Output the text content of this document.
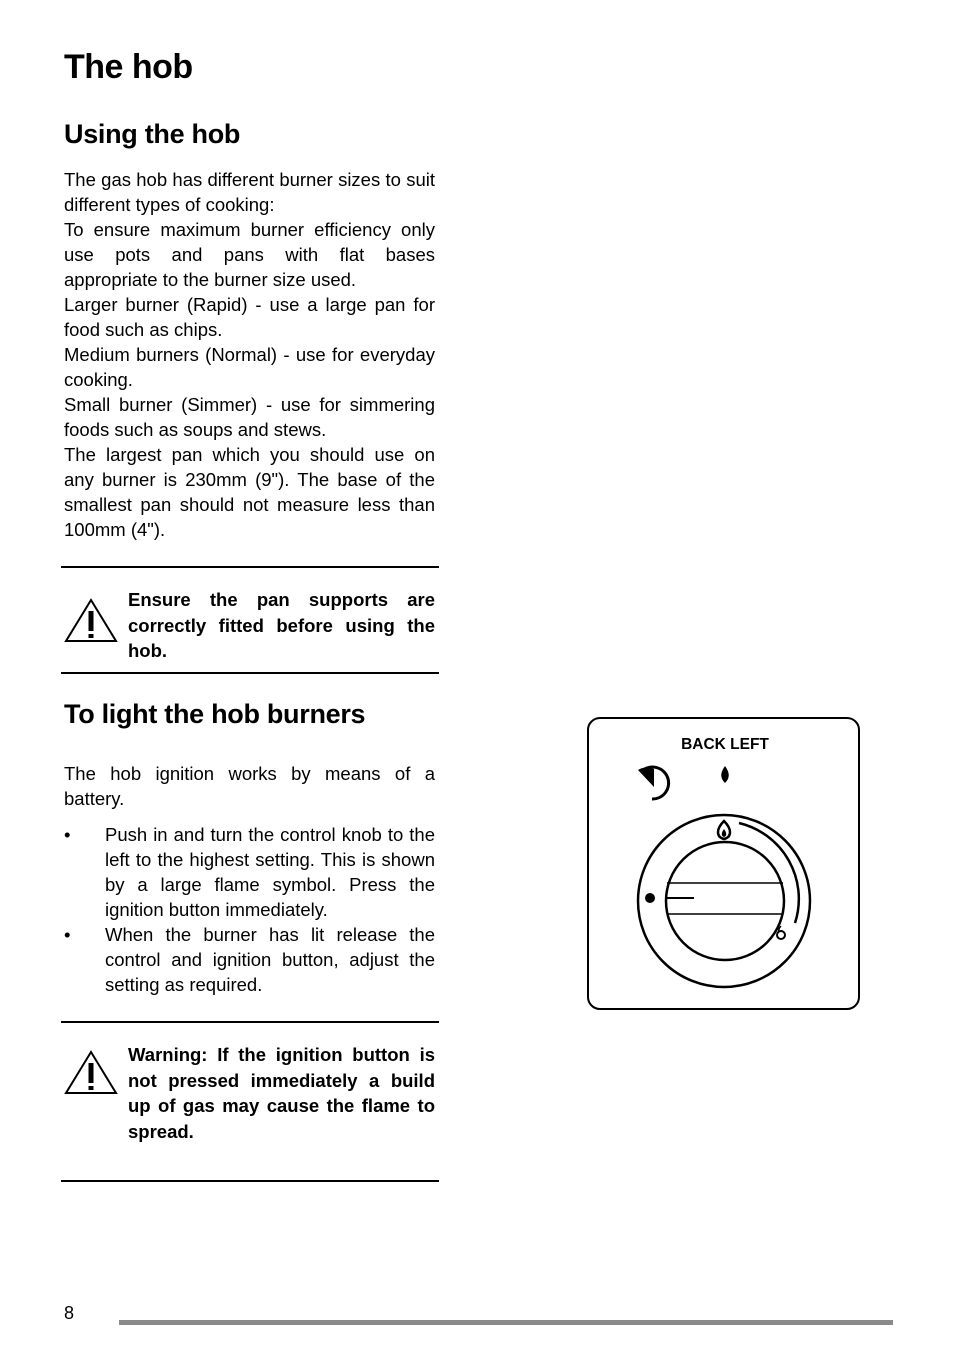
The hob
Using the hob

The gas hob has different burner sizes to suit different types of cooking:

To ensure maximum burner efficiency only use pots and pans with flat bases appropriate to the burner size used.

Larger burner (Rapid) - use a large pan for food such as chips.

Medium burners (Normal) - use for everyday cooking.

Small burner (Simmer) - use for simmering foods such as soups and stews.

The largest pan which you should use on any burner is 230mm (9"). The base of the smallest pan should not measure less than 100mm (4").

Ensure the pan supports are correctly fitted before using the hob.
To light the hob burners
The hob ignition works by means of a battery.
• Push in and turn the control knob to the left to the highest setting. This is shown by a large flame symbol. Press the ignition button immediately.
• When the burner has lit release the control and ignition button, adjust the setting as required.
Warning: If the ignition button is not pressed immediately a build up of gas may cause the flame to spread.
BACK LEFT
8
